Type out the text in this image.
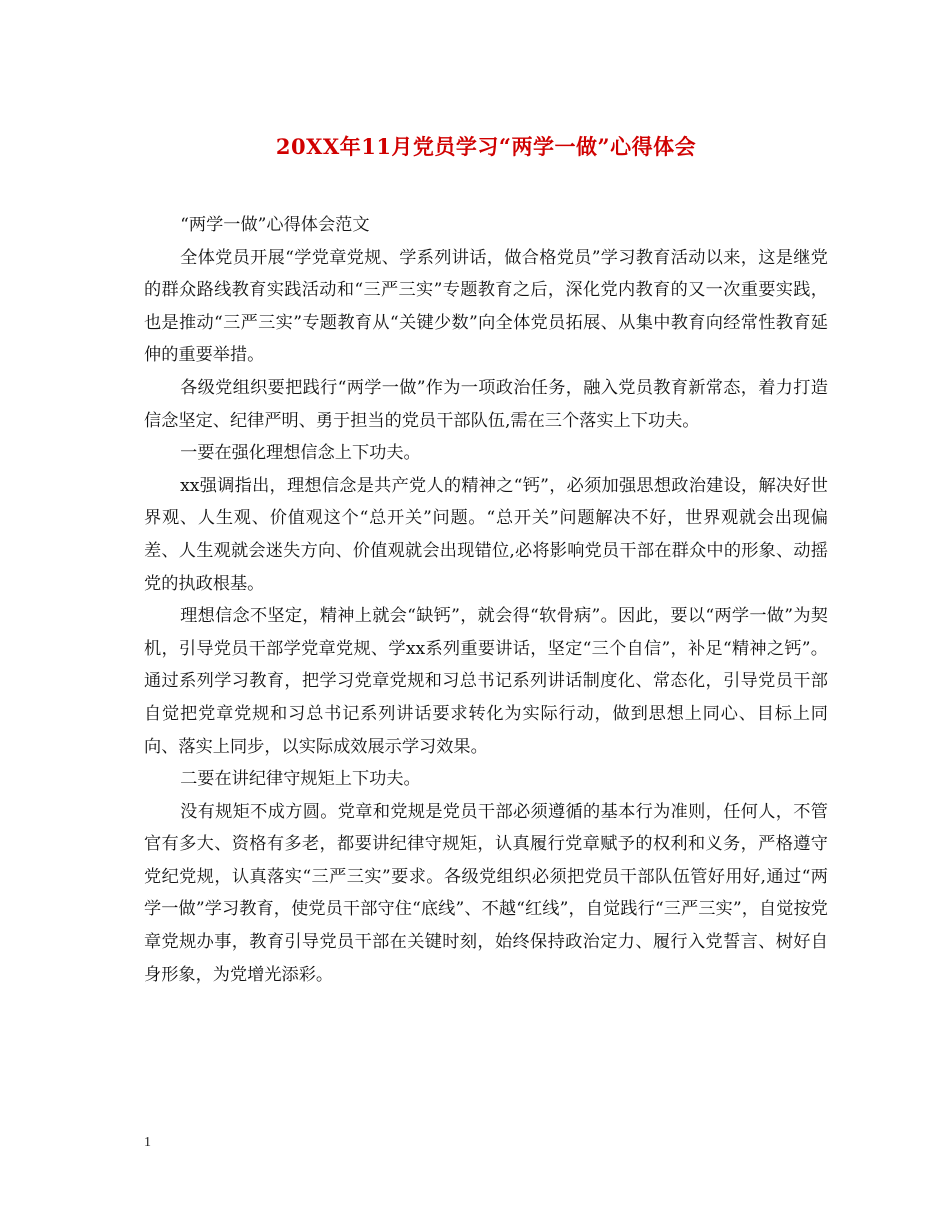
20XX年11月党员学习“两学一做”心得体会

“两学一做”心得体会范文

全体党员开展“学党章党规、学系列讲话，做合格党员”学习教育活动以来，这是继党的群众路线教育实践活动和“三严三实”专题教育之后，深化党内教育的又一次重要实践，也是推动“三严三实”专题教育从“关键少数”向全体党员拓展、从集中教育向经常性教育延伸的重要举措。

各级党组织要把践行“两学一做”作为一项政治任务，融入党员教育新常态，着力打造信念坚定、纪律严明、勇于担当的党员干部队伍,需在三个落实上下功夫。

一要在强化理想信念上下功夫。

xx强调指出，理想信念是共产党人的精神之“钙”，必须加强思想政治建设，解决好世界观、人生观、价值观这个“总开关”问题。“总开关”问题解决不好，世界观就会出现偏差、人生观就会迷失方向、价值观就会出现错位,必将影响党员干部在群众中的形象、动摇党的执政根基。

理想信念不坚定，精神上就会“缺钙”，就会得“软骨病”。因此，要以“两学一做”为契机，引导党员干部学党章党规、学xx系列重要讲话，坚定“三个自信”，补足“精神之钙”。通过系列学习教育，把学习党章党规和习总书记系列讲话制度化、常态化，引导党员干部自觉把党章党规和习总书记系列讲话要求转化为实际行动，做到思想上同心、目标上同向、落实上同步，以实际成效展示学习效果。

二要在讲纪律守规矩上下功夫。

没有规矩不成方圆。党章和党规是党员干部必须遵循的基本行为准则，任何人，不管官有多大、资格有多老，都要讲纪律守规矩，认真履行党章赋予的权利和义务，严格遵守党纪党规，认真落实“三严三实”要求。各级党组织必须把党员干部队伍管好用好,通过“两学一做”学习教育，使党员干部守住“底线”、不越“红线”，自觉践行“三严三实”，自觉按党章党规办事，教育引导党员干部在关键时刻，始终保持政治定力、履行入党誓言、树好自身形象，为党增光添彩。

1
